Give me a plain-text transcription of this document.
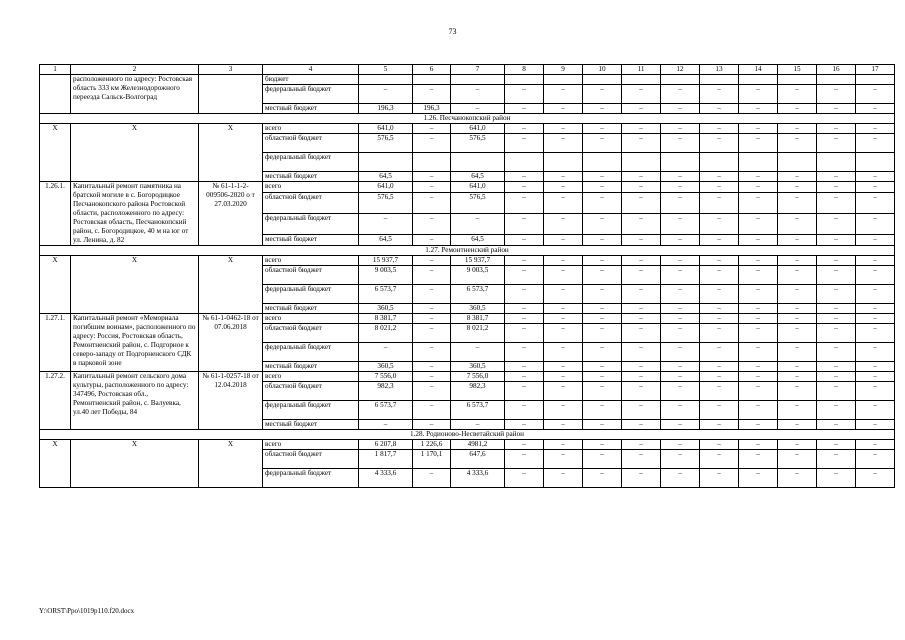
73
1	2	3	4	5	6	7	8	9	10	11	12	13	14	15	16	17
	расположенного по адресу: Ростовская область 333 км Железнодорожного переезда Сальск-Волгоград		бюджет													
			федеральный бюджет	–	–	–	–	–	–	–	–	–	–	–	–	–
			местный бюджет	196,3	196,3	–	–	–	–	–	–	–	–	–	–	–
1.26. Песчанокопский район																
Х	Х	Х	всего	641,0	–	641,0	–	–	–	–	–	–	–	–	–	–
			областной бюджет	576,5	–	576,5	–	–	–	–	–	–	–	–	–	–
			федеральный бюджет													
			местный бюджет	64,5	–	64,5	–	–	–	–	–	–	–	–	–	–
1.26.1.	Капитальный ремонт памятника на братской могиле в с. Богородицкое Песчанокопского района Ростовской области, расположенного по адресу: Ростовская область, Песчанокопский район, с. Богородицкое, 40 м на юг от ул. Ленина, д. 82	№ 61-1-1-2-009506-2020 о т 27.03.2020	всего	641,0	–	641,0	–	–	–	–	–	–	–	–	–	–
			областной бюджет	576,5	–	576,5	–	–	–	–	–	–	–	–	–	–
			федеральный бюджет	–	–	–	–	–	–	–	–	–	–	–	–	–
			местный бюджет	64,5	–	64,5	–	–	–	–	–	–	–	–	–	–
1.27. Ремонтненский район																
Х	Х	Х	всего	15 937,7	–	15 937,7	–	–	–	–	–	–	–	–	–	–
			областной бюджет	9 003,5	–	9 003,5	–	–	–	–	–	–	–	–	–	–
			федеральный бюджет	6 573,7	–	6 573,7	–	–	–	–	–	–	–	–	–	–
			местный бюджет	360,5	–	360,5	–	–	–	–	–	–	–	–	–	–
1.27.1.	Капитальный ремонт «Мемориала погибшим воинам», расположенного по адресу: Россия, Ростовская область, Ремонтненский район, с. Подгорное к северо-западу от Подгорненского СДК в парковой зоне	№ 61-1-0462-18 от 07.06.2018	всего	8 381,7	–	8 381,7	–	–	–	–	–	–	–	–	–	–
			областной бюджет	8 021,2	–	8 021,2	–	–	–	–	–	–	–	–	–	–
			федеральный бюджет	–	–	–	–	–	–	–	–	–	–	–	–	–
			местный бюджет	360,5	–	360,5	–	–	–	–	–	–	–	–	–	–
1.27.2.	Капитальный ремонт сельского дома культуры, расположенного по адресу: 347496, Ростовская обл., Ремонтненский район, с. Валуевка, ул.40 лет Победы, 84	№ 61-1-0257-18 от 12.04.2018	всего	7 556,0	–	7 556,0	–	–	–	–	–	–	–	–	–	–
			областной бюджет	982,3	–	982,3	–	–	–	–	–	–	–	–	–	–
			федеральный бюджет	6 573,7	–	6 573,7	–	–	–	–	–	–	–	–	–	–
			местный бюджет	–	–	–	–	–	–	–	–	–	–	–	–	–
1.28. Родионово-Несветайский район																
Х	Х	Х	всего	6 207,8	1 226,6	4981,2	–	–	–	–	–	–	–	–	–	–
			областной бюджет	1 817,7	1 170,1	647,6	–	–	–	–	–	–	–	–	–	–
			федеральный бюджет	4 333,6	–	4 333,6	–	–	–	–	–	–	–	–	–	–
Y:\ORST\Ppo\1019p110.f20.docx
